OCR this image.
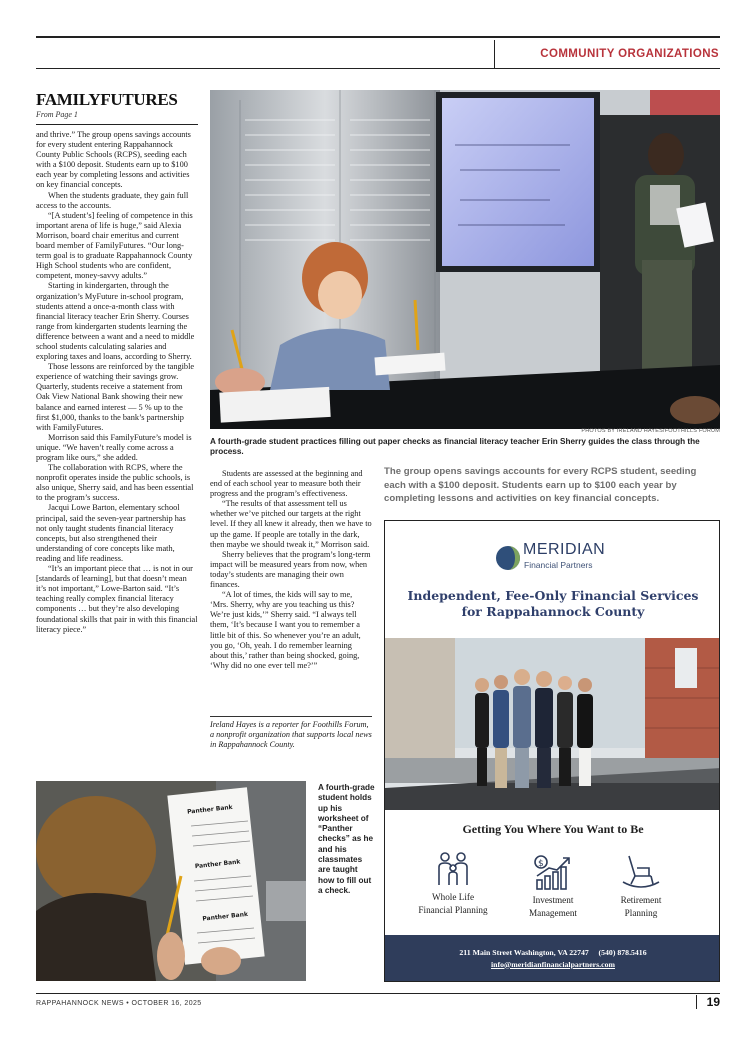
COMMUNITY ORGANIZATIONS
FAMILYFUTURES
From Page 1

and thrive.” The group opens savings accounts for every student entering Rappahannock County Public Schools (RCPS), seeding each with a $100 deposit. Students earn up to $100 each year by completing lessons and activities on key financial concepts.

When the students graduate, they gain full access to the accounts.

“[A student’s] feeling of competence in this important arena of life is huge,” said Alexia Morrison, board chair emeritus and current board member of FamilyFutures. “Our long-term goal is to graduate Rappahannock County High School students who are confident, competent, money-savvy adults.”

Starting in kindergarten, through the organization’s MyFuture in-school program, students attend a once-a-month class with financial literacy teacher Erin Sherry. Courses range from kindergarten students learning the difference between a want and a need to middle school students calculating salaries and exploring taxes and loans, according to Sherry.

Those lessons are reinforced by the tangible experience of watching their savings grow. Quarterly, students receive a statement from Oak View National Bank showing their new balance and earned interest — 5 % up to the first $1,000, thanks to the bank’s partnership with FamilyFutures.

Morrison said this FamilyFuture’s model is unique. “We haven’t really come across a program like ours,” she added.

The collaboration with RCPS, where the nonprofit operates inside the public schools, is also unique, Sherry said, and has been essential to the program’s success.

Jacqui Lowe Barton, elementary school principal, said the seven-year partnership has not only taught students financial literacy concepts, but also strengthened their understanding of core concepts like math, reading and life readiness.

“It’s an important piece that … is not in our [standards of learning], but that doesn’t mean it’s not important,” Lowe-Barton said. “It’s teaching really complex financial literacy components … but they’re also developing foundational skills that pair in with this financial literacy piece.”

PHOTOS BY IRELAND HAYES/FOOTHILLS FORUM
A fourth-grade student practices filling out paper checks as financial literacy teacher Erin Sherry guides the class through the process.

Students are assessed at the beginning and end of each school year to measure both their progress and the program’s effectiveness.

“The results of that assessment tell us whether we’ve pitched our targets at the right level. If they all knew it already, then we have to up the game. If people are totally in the dark, then maybe we should tweak it,” Morrison said.

Sherry believes that the program’s long-term impact will be measured years from now, when today’s students are managing their own finances.

“A lot of times, the kids will say to me, ‘Mrs. Sherry, why are you teaching us this? We’re just kids,’” Sherry said. “I always tell them, ‘It’s because I want you to remember a little bit of this. So whenever you’re an adult, you go, ‘Oh, yeah. I do remember learning about this,’ rather than being shocked, going, ‘Why did no one ever tell me?’”

Ireland Hayes is a reporter for Foothills Forum, a nonprofit organization that supports local news in Rappahannock County.
The group opens savings accounts for every RCPS student, seeding each with a $100 deposit. Students earn up to $100 each year by completing lessons and activities on key financial concepts.
MERIDIAN
Financial Partners
Independent, Fee-Only Financial Services
for Rappahannock County
Getting You Where You Want to Be
Whole Life
Financial Planning
$
Investment
Management
Retirement
Planning
211 Main Street Washington, VA 22747 (540) 878.5416
info@meridianfinancialpartners.com
Panther Bank
Panther Bank
Panther Bank
A fourth-grade student holds up his worksheet of “Panther checks” as he and his classmates are taught how to fill out a check.
RAPPAHANNOCK NEWS • OCTOBER 16, 2025	19
